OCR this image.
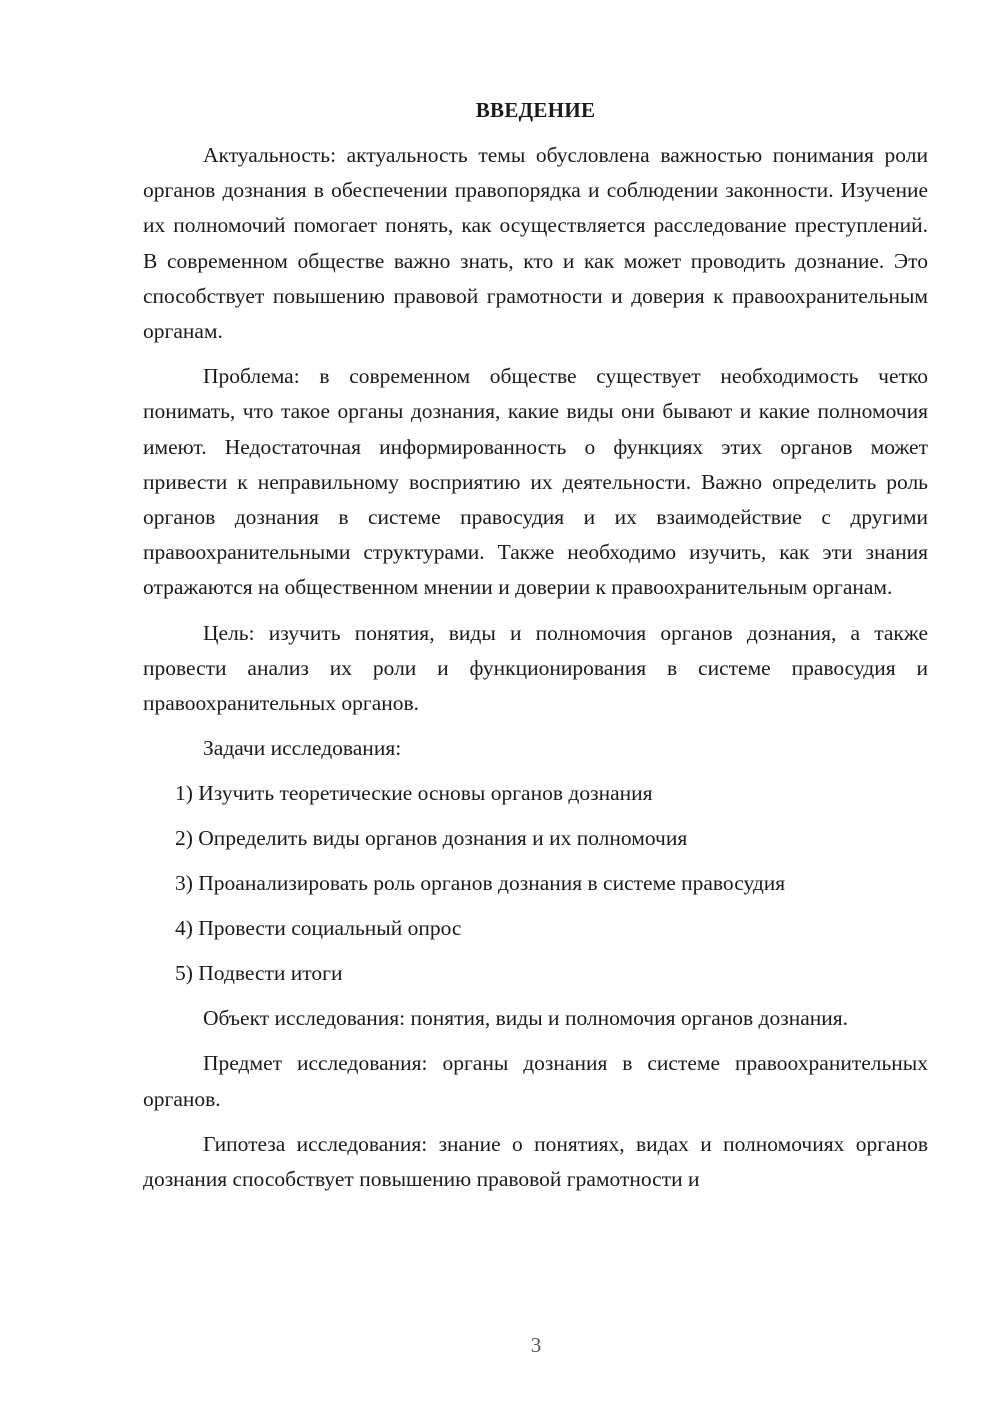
ВВЕДЕНИЕ

Актуальность: актуальность темы обусловлена важностью понимания роли органов дознания в обеспечении правопорядка и соблюдении законности. Изучение их полномочий помогает понять, как осуществляется расследование преступлений. В современном обществе важно знать, кто и как может проводить дознание. Это способствует повышению правовой грамотности и доверия к правоохранительным органам.

Проблема: в современном обществе существует необходимость четко понимать, что такое органы дознания, какие виды они бывают и какие полномочия имеют. Недостаточная информированность о функциях этих органов может привести к неправильному восприятию их деятельности. Важно определить роль органов дознания в системе правосудия и их взаимодействие с другими правоохранительными структурами. Также необходимо изучить, как эти знания отражаются на общественном мнении и доверии к правоохранительным органам.

Цель: изучить понятия, виды и полномочия органов дознания, а также провести анализ их роли и функционирования в системе правосудия и правоохранительных органов.

Задачи исследования:
1) Изучить теоретические основы органов дознания
2) Определить виды органов дознания и их полномочия
3) Проанализировать роль органов дознания в системе правосудия
4) Провести социальный опрос
5) Подвести итоги

Объект исследования: понятия, виды и полномочия органов дознания.

Предмет исследования: органы дознания в системе правоохранительных органов.

Гипотеза исследования: знание о понятиях, видах и полномочиях органов дознания способствует повышению правовой грамотности и

3
